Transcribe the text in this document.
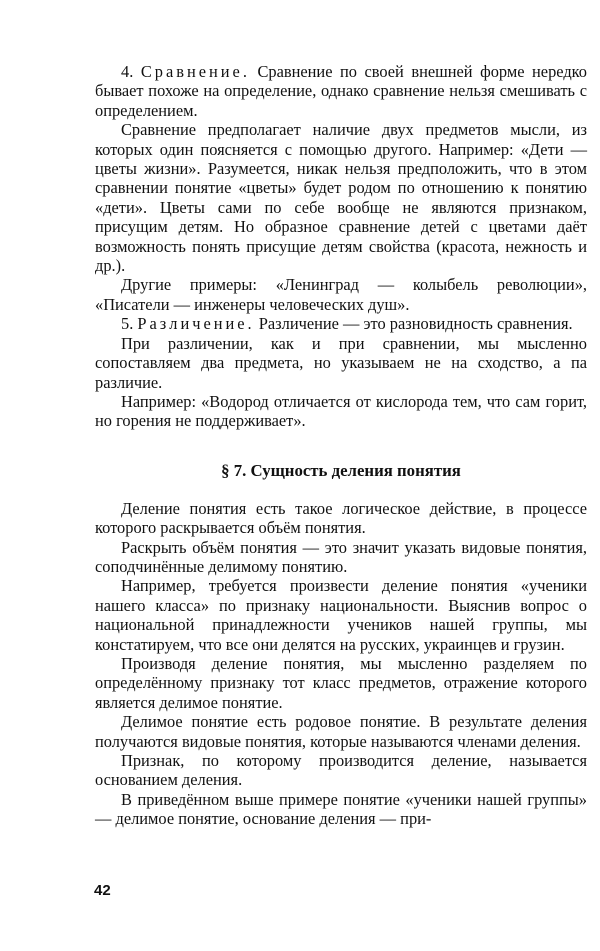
4. Сравнение. Сравнение по своей внешней форме нередко бывает похоже на определение, однако сравнение нельзя смешивать с определением.

Сравнение предполагает наличие двух предметов мысли, из которых один поясняется с помощью другого. Например: «Дети — цветы жизни». Разумеется, никак нельзя предположить, что в этом сравнении понятие «цветы» будет родом по отношению к понятию «дети». Цветы сами по себе вообще не являются признаком, присущим детям. Но образное сравнение детей с цветами даёт возможность понять присущие детям свойства (красота, нежность и др.).

Другие примеры: «Ленинград — колыбель революции», «Писатели — инженеры человеческих душ».

5. Различение. Различение — это разновидность сравнения.

При различении, как и при сравнении, мы мысленно сопоставляем два предмета, но указываем не на сходство, а па различие.

Например: «Водород отличается от кислорода тем, что сам горит, но горения не поддерживает».

§ 7. Сущность деления понятия

Деление понятия есть такое логическое действие, в процессе которого раскрывается объём понятия.

Раскрыть объём понятия — это значит указать видовые понятия, соподчинённые делимому понятию.

Например, требуется произвести деление понятия «ученики нашего класса» по признаку национальности. Выяснив вопрос о национальной принадлежности учеников нашей группы, мы констатируем, что все они делятся на русских, украинцев и грузин.

Производя деление понятия, мы мысленно разделяем по определённому признаку тот класс предметов, отражение которого является делимое понятие.

Делимое понятие есть родовое понятие. В результате деления получаются видовые понятия, которые называются членами деления.

Признак, по которому производится деление, называется основанием деления.

В приведённом выше примере понятие «ученики нашей группы» — делимое понятие, основание деления — при-

42
